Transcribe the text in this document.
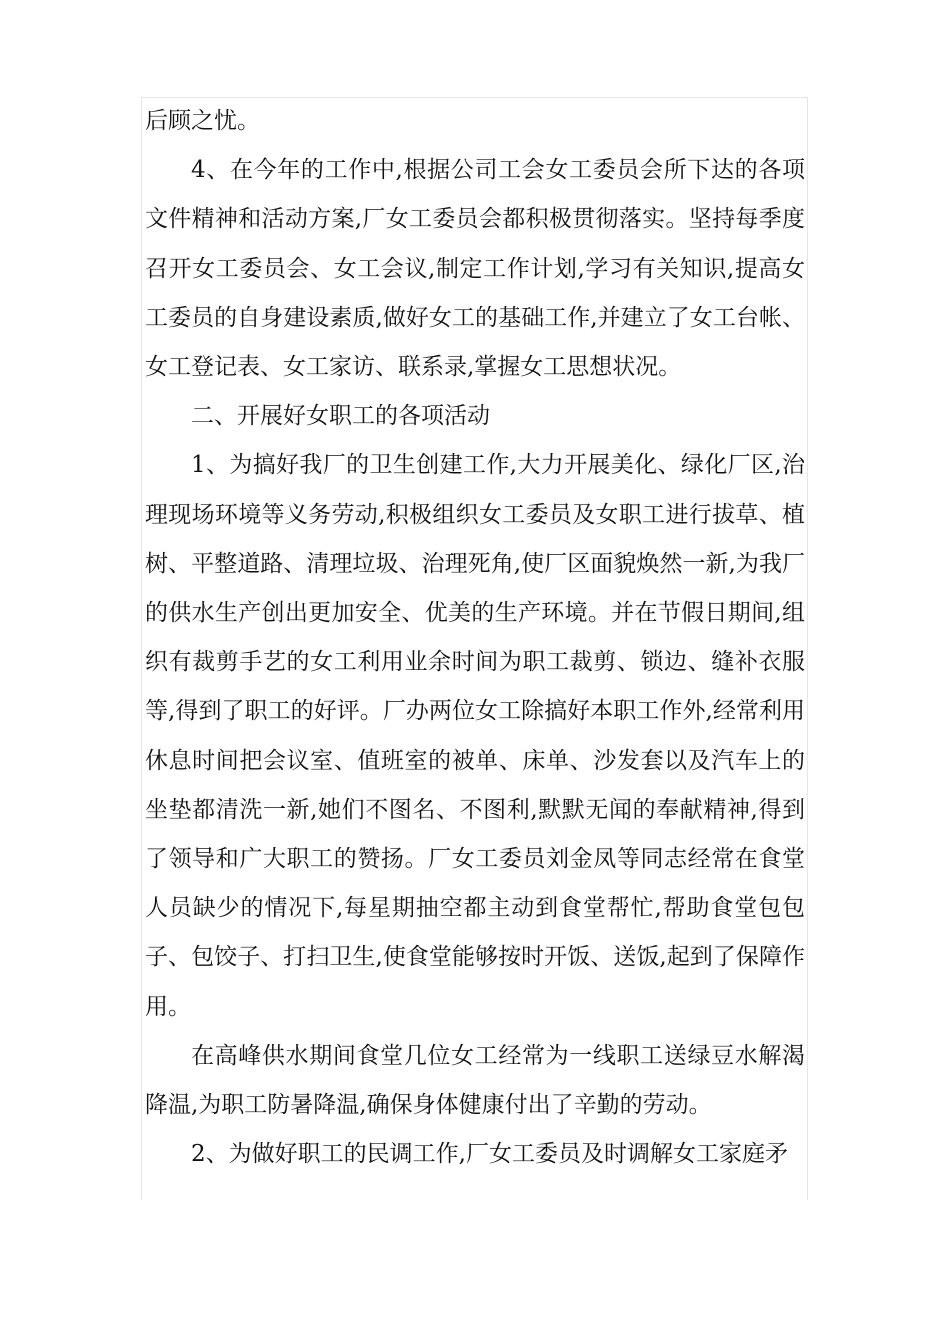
后顾之忧。

4、在今年的工作中,根据公司工会女工委员会所下达的各项文件精神和活动方案,厂女工委员会都积极贯彻落实。坚持每季度召开女工委员会、女工会议,制定工作计划,学习有关知识,提高女工委员的自身建设素质,做好女工的基础工作,并建立了女工台帐、女工登记表、女工家访、联系录,掌握女工思想状况。

二、开展好女职工的各项活动

1、为搞好我厂的卫生创建工作,大力开展美化、绿化厂区,治理现场环境等义务劳动,积极组织女工委员及女职工进行拔草、植树、平整道路、清理垃圾、治理死角,使厂区面貌焕然一新,为我厂的供水生产创出更加安全、优美的生产环境。并在节假日期间,组织有裁剪手艺的女工利用业余时间为职工裁剪、锁边、缝补衣服等,得到了职工的好评。厂办两位女工除搞好本职工作外,经常利用休息时间把会议室、值班室的被单、床单、沙发套以及汽车上的坐垫都清洗一新,她们不图名、不图利,默默无闻的奉献精神,得到了领导和广大职工的赞扬。厂女工委员刘金凤等同志经常在食堂人员缺少的情况下,每星期抽空都主动到食堂帮忙,帮助食堂包包子、包饺子、打扫卫生,使食堂能够按时开饭、送饭,起到了保障作用。

在高峰供水期间食堂几位女工经常为一线职工送绿豆水解渴降温,为职工防暑降温,确保身体健康付出了辛勤的劳动。

2、为做好职工的民调工作,厂女工委员及时调解女工家庭矛
